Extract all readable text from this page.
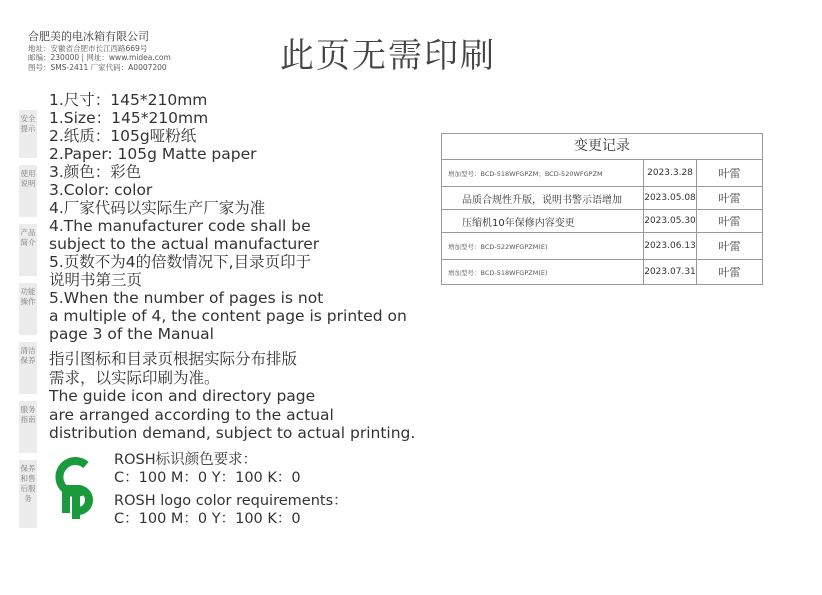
合肥美的电冰箱有限公司
地址：安徽省合肥市长江西路669号
邮编：230000 | 网址：www.midea.com
图号：SMS-2411 厂家代码：A0007200	此页无需印刷
安全提示
使用说明
产品简介
功能操作
清洁保养
服务指南
保养和售后服务
1.尺寸：145*210mm
1.Size：145*210mm
2.纸质：105g哑粉纸
2.Paper: 105g Matte paper
3.颜色：彩色
3.Color: color
4.厂家代码以实际生产厂家为准
4.The manufacturer code shall be
subject to the actual manufacturer
5.页数不为4的倍数情况下,目录页印于
说明书第三页
5.When the number of pages is not
a multiple of 4, the content page is printed on
page 3 of the Manual
指引图标和目录页根据实际分布排版
需求，以实际印刷为准。
The guide icon and directory page
are arranged according to the actual
distribution demand, subject to actual printing.
ROSH标识颜色要求：
C：100 M：0 Y：100 K：0
ROSH logo color requirements：
C：100 M：0 Y：100 K：0
变更记录
增加型号：BCD-518WFGPZM；BCD-520WFGPZM	2023.3.28	叶雷
品质合规性升版，说明书警示语增加	2023.05.08	叶雷
压缩机10年保修内容变更	2023.05.30	叶雷
增加型号：BCD-522WFGPZM(E)	2023.06.13	叶雷
增加型号：BCD-518WFGPZM(E)	2023.07.31	叶雷
